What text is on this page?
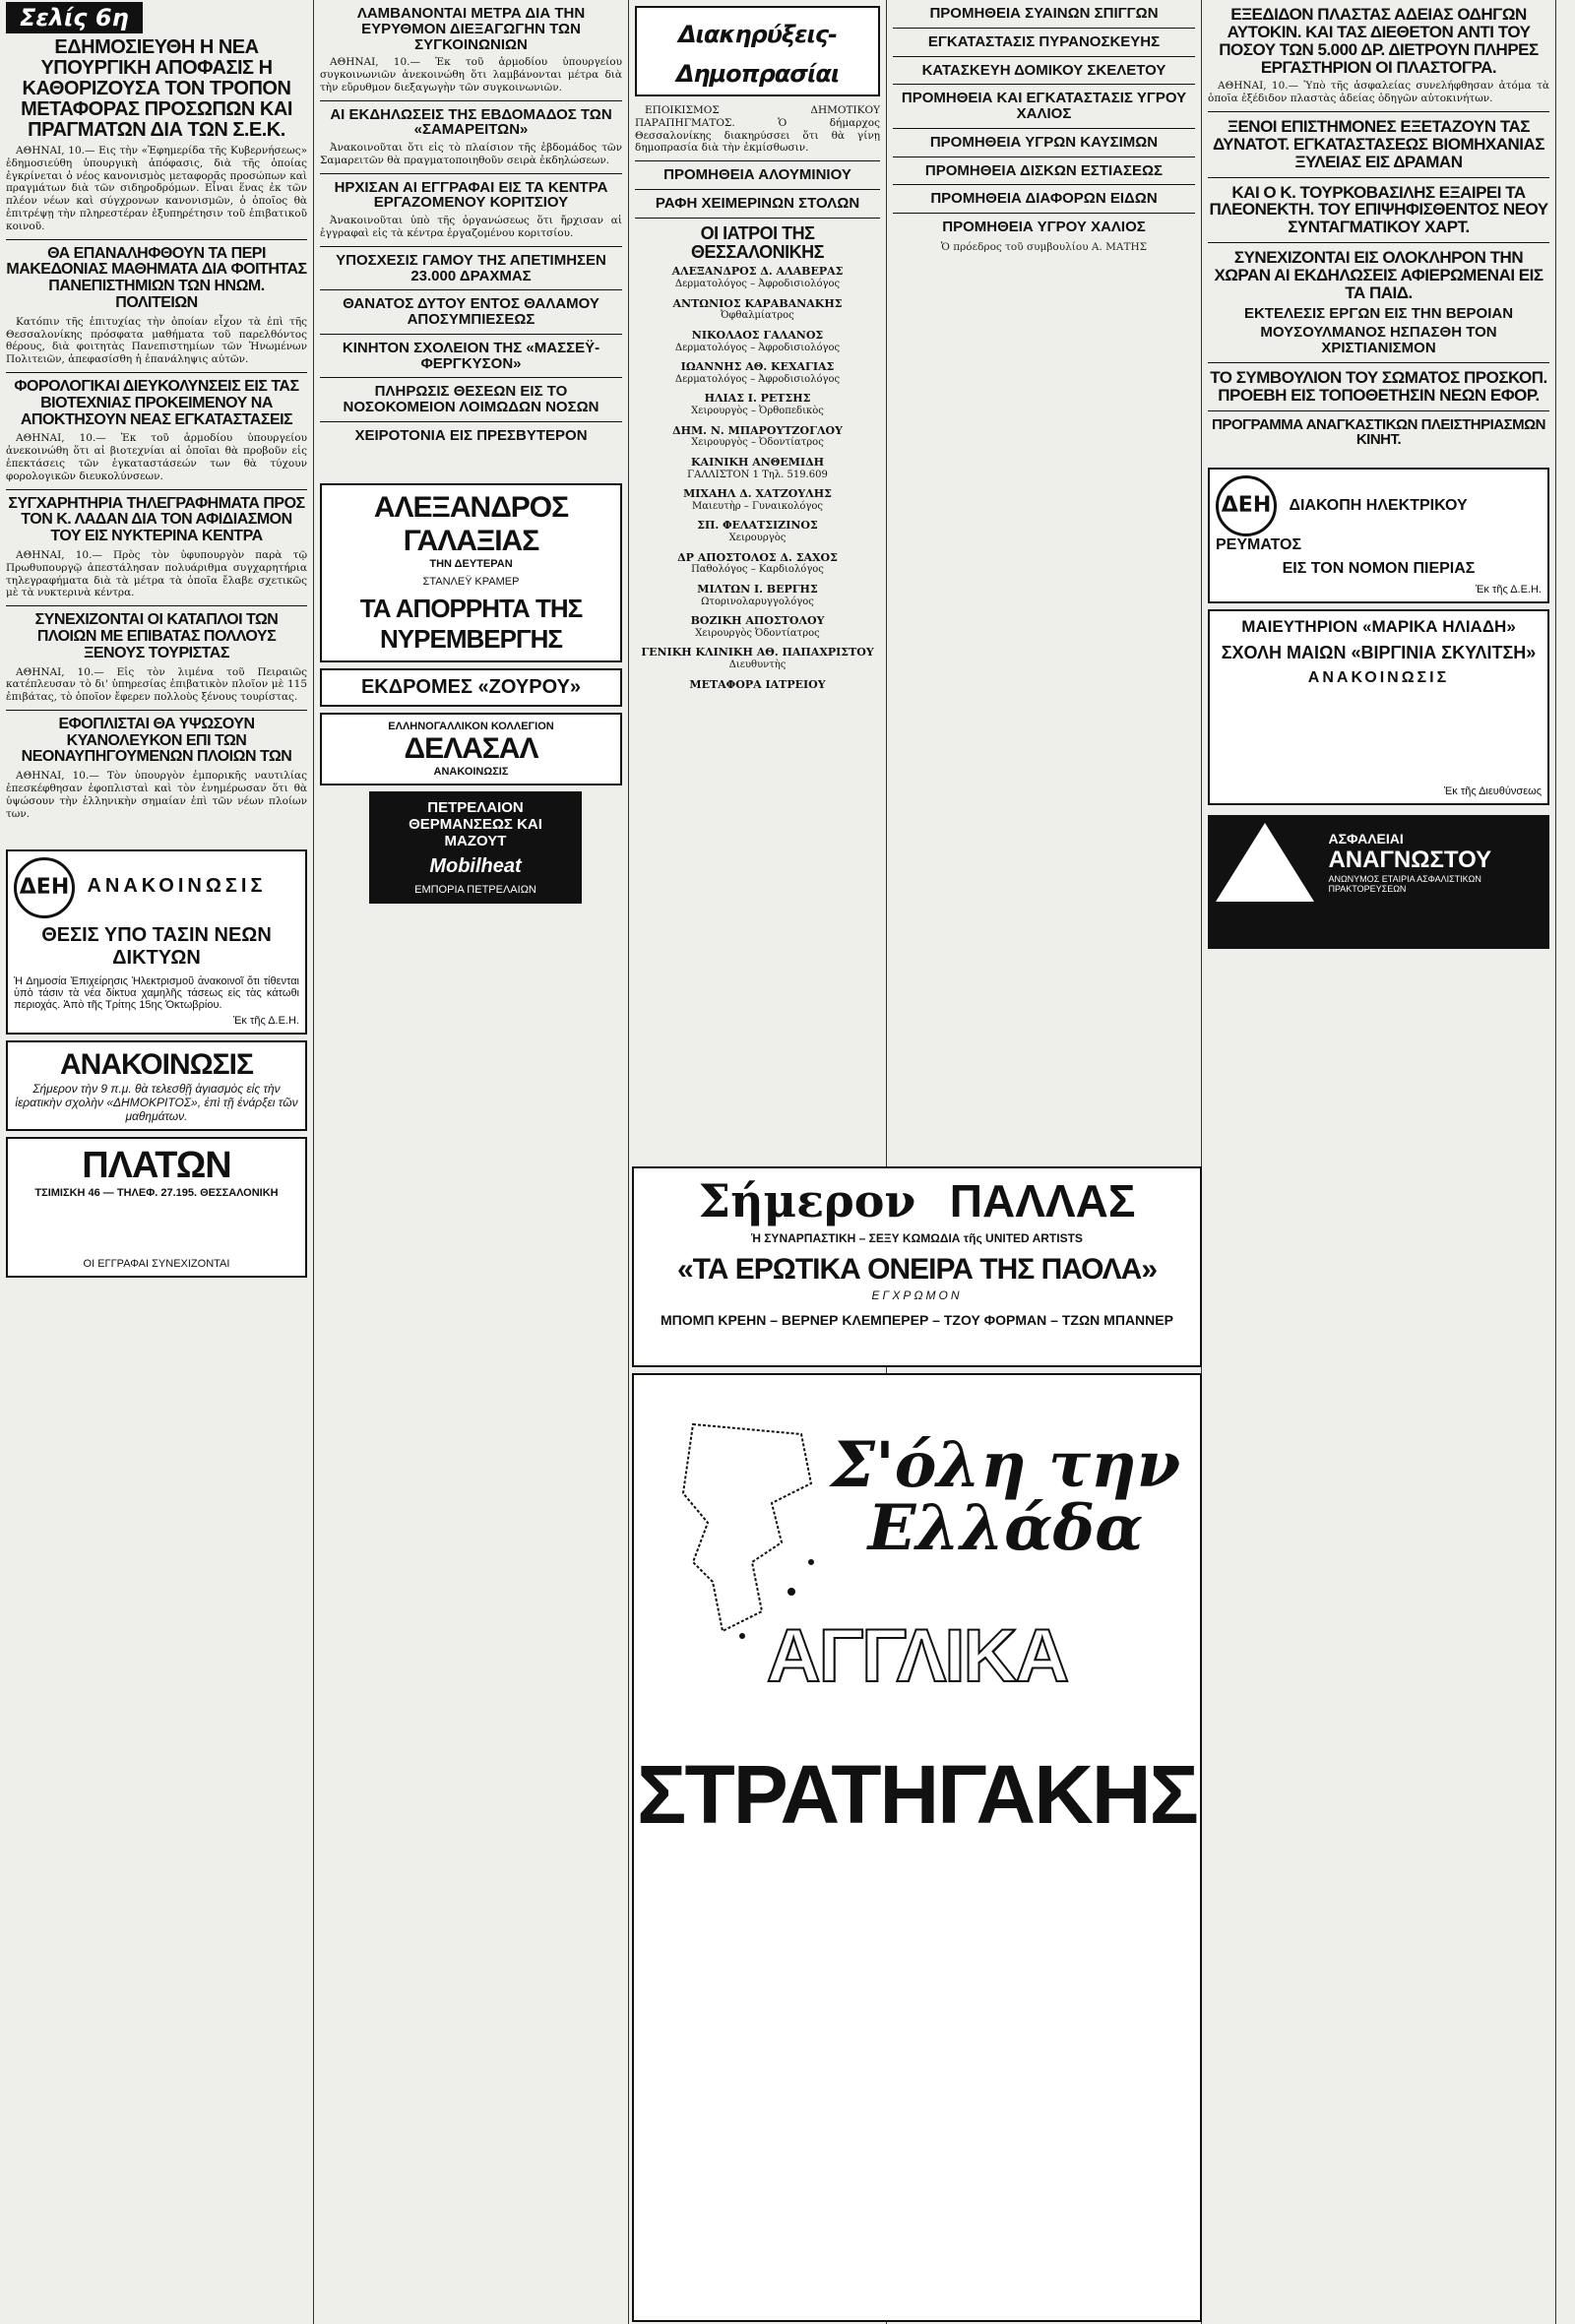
Σελίς 6η
ΕΔΗΜΟΣΙΕΥΘΗ Η ΝΕΑ ΥΠΟΥΡΓΙΚΗ ΑΠΟΦΑΣΙΣ Η ΚΑΘΟΡΙΖΟΥΣΑ ΤΟΝ ΤΡΟΠΟΝ ΜΕΤΑΦΟΡΑΣ ΠΡΟΣΩΠΩΝ ΚΑΙ ΠΡΑΓΜΑΤΩΝ ΔΙΑ ΤΩΝ Σ.Ε.Κ.

ΑΘΗΝΑΙ, 10.— Εις τὴν «Ἐφημερίδα τῆς Κυβερνήσεως» ἐδημοσιεύθη ὑπουργικὴ ἀπόφασις, διὰ τῆς ὁποίας ἐγκρίνεται ὁ νέος κανονισμὸς μεταφορᾶς προσώπων καὶ πραγμάτων διὰ τῶν σιδηροδρόμων. Εἶναι ἕνας ἐκ τῶν πλέον νέων καὶ σύγχρονων κανονισμῶν, ὁ ὁποῖος θὰ ἐπιτρέψῃ τὴν πληρεστέραν ἐξυπηρέτησιν τοῦ ἐπιβατικοῦ κοινοῦ.

ΘΑ ΕΠΑΝΑΛΗΦΘΟΥΝ ΤΑ ΠΕΡΙ ΜΑΚΕΔΟΝΙΑΣ ΜΑΘΗΜΑΤΑ ΔΙΑ ΦΟΙΤΗΤΑΣ ΠΑΝΕΠΙΣΤΗΜΙΩΝ ΤΩΝ ΗΝΩΜ. ΠΟΛΙΤΕΙΩΝ

Κατόπιν τῆς ἐπιτυχίας τὴν ὁποίαν εἶχον τὰ ἐπὶ τῆς Θεσσαλονίκης πρόσφατα μαθήματα τοῦ παρελθόντος θέρους, διὰ φοιτητὰς Πανεπιστημίων τῶν Ἡνωμένων Πολιτειῶν, ἀπεφασίσθη ἡ ἐπανάληψις αὐτῶν.

ΦΟΡΟΛΟΓΙΚΑΙ ΔΙΕΥΚΟΛΥΝΣΕΙΣ ΕΙΣ ΤΑΣ ΒΙΟΤΕΧΝΙΑΣ ΠΡΟΚΕΙΜΕΝΟΥ ΝΑ ΑΠΟΚΤΗΣΟΥΝ ΝΕΑΣ ΕΓΚΑΤΑΣΤΑΣΕΙΣ

ΑΘΗΝΑΙ, 10.— Ἐκ τοῦ ἁρμοδίου ὑπουργείου ἀνεκοινώθη ὅτι αἱ βιοτεχνίαι αἱ ὁποῖαι θὰ προβοῦν εἰς ἐπεκτάσεις τῶν ἐγκαταστάσεών των θὰ τύχουν φορολογικῶν διευκολύνσεων.

ΣΥΓΧΑΡΗΤΗΡΙΑ ΤΗΛΕΓΡΑΦΗΜΑΤΑ ΠΡΟΣ ΤΟΝ Κ. ΛΑΔΑΝ ΔΙΑ ΤΟΝ ΑΦΙΔΙΑΣΜΟΝ ΤΟΥ ΕΙΣ ΝΥΚΤΕΡΙΝΑ ΚΕΝΤΡΑ

ΑΘΗΝΑΙ, 10.— Πρὸς τὸν ὑφυπουργὸν παρὰ τῷ Πρωθυπουργῷ ἀπεστάλησαν πολυάριθμα συγχαρητήρια τηλεγραφήματα διὰ τὰ μέτρα τὰ ὁποῖα ἔλαβε σχετικῶς μὲ τὰ νυκτερινὰ κέντρα.

ΣΥΝΕΧΙΖΟΝΤΑΙ ΟΙ ΚΑΤΑΠΛΟΙ ΤΩΝ ΠΛΟΙΩΝ ΜΕ ΕΠΙΒΑΤΑΣ ΠΟΛΛΟΥΣ ΞΕΝΟΥΣ ΤΟΥΡΙΣΤΑΣ

ΑΘΗΝΑΙ, 10.— Εἰς τὸν λιμένα τοῦ Πειραιῶς κατέπλευσαν τὸ δι' ὑπηρεσίας ἐπιβατικὸν πλοῖον μὲ 115 ἐπιβάτας, τὸ ὁποῖον ἔφερεν πολλοὺς ξένους τουρίστας.

ΕΦΟΠΛΙΣΤΑΙ ΘΑ ΥΨΩΣΟΥΝ ΚΥΑΝΟΛΕΥΚΟΝ ΕΠΙ ΤΩΝ ΝΕΟΝΑΥΠΗΓΟΥΜΕΝΩΝ ΠΛΟΙΩΝ ΤΩΝ

ΑΘΗΝΑΙ, 10.— Τὸν ὑπουργὸν ἐμπορικῆς ναυτιλίας ἐπεσκέφθησαν ἐφοπλισταὶ καὶ τὸν ἐνημέρωσαν ὅτι θὰ ὑψώσουν τὴν ἑλληνικὴν σημαίαν ἐπὶ τῶν νέων πλοίων των.

ΔΕΗ ΑΝΑΚΟΙΝΩΣΙΣ
ΘΕΣΙΣ ΥΠΟ ΤΑΣΙΝ ΝΕΩΝ ΔΙΚΤΥΩΝ
Ἡ Δημοσία Ἐπιχείρησις Ἠλεκτρισμοῦ ἀνακοινοῖ ὅτι τίθενται ὑπὸ τάσιν τὰ νέα δίκτυα χαμηλῆς τάσεως εἰς τὰς κάτωθι περιοχάς. Ἀπὸ τῆς Τρίτης 15ης Ὀκτωβρίου.
Ἐκ τῆς Δ.Ε.Η.
ΑΝΑΚΟΙΝΩΣΙΣ
Σήμερον τὴν 9 π.μ. θὰ τελεσθῇ ἁγιασμὸς εἰς τὴν ἱερατικὴν σχολὴν «ΔΗΜΟΚΡΙΤΟΣ», ἐπὶ τῇ ἐνάρξει τῶν μαθημάτων.
ΠΛΑΤΩΝ
ΤΣΙΜΙΣΚΗ 46 — ΤΗΛΕΦ. 27.195. ΘΕΣΣΑΛΟΝΙΚΗ
ΟΙ ΕΓΓΡΑΦΑΙ ΣΥΝΕΧΙΖΟΝΤΑΙ
ΛΑΜΒΑΝΟΝΤΑΙ ΜΕΤΡΑ ΔΙΑ ΤΗΝ ΕΥΡΥΘΜΟΝ ΔΙΕΞΑΓΩΓΗΝ ΤΩΝ ΣΥΓΚΟΙΝΩΝΙΩΝ

ΑΘΗΝΑΙ, 10.— Ἐκ τοῦ ἁρμοδίου ὑπουργείου συγκοινωνιῶν ἀνεκοινώθη ὅτι λαμβάνονται μέτρα διὰ τὴν εὔρυθμον διεξαγωγὴν τῶν συγκοινωνιῶν.

ΑΙ ΕΚΔΗΛΩΣΕΙΣ ΤΗΣ ΕΒΔΟΜΑΔΟΣ ΤΩΝ «ΣΑΜΑΡΕΙΤΩΝ»

Ἀνακοινοῦται ὅτι εἰς τὸ πλαίσιον τῆς ἑβδομάδος τῶν Σαμαρειτῶν θὰ πραγματοποιηθοῦν σειρὰ ἐκδηλώσεων.

ΗΡΧΙΣΑΝ ΑΙ ΕΓΓΡΑΦΑΙ ΕΙΣ ΤΑ ΚΕΝΤΡΑ ΕΡΓΑΖΟΜΕΝΟΥ ΚΟΡΙΤΣΙΟΥ

Ἀνακοινοῦται ὑπὸ τῆς ὀργανώσεως ὅτι ἤρχισαν αἱ ἐγγραφαὶ εἰς τὰ κέντρα ἐργαζομένου κοριτσίου.

ΥΠΟΣΧΕΣΙΣ ΓΑΜΟΥ ΤΗΣ ΑΠΕΤΙΜΗΣΕΝ 23.000 ΔΡΑΧΜΑΣ
ΘΑΝΑΤΟΣ ΔΥΤΟΥ ΕΝΤΟΣ ΘΑΛΑΜΟΥ ΑΠΟΣΥΜΠΙΕΣΕΩΣ
ΚΙΝΗΤΟΝ ΣΧΟΛΕΙΟΝ ΤΗΣ «ΜΑΣΣΕΫ-ΦΕΡΓΚΥΣΟΝ»
ΠΛΗΡΩΣΙΣ ΘΕΣΕΩΝ ΕΙΣ ΤΟ ΝΟΣΟΚΟΜΕΙΟΝ ΛΟΙΜΩΔΩΝ ΝΟΣΩΝ
ΧΕΙΡΟΤΟΝΙΑ ΕΙΣ ΠΡΕΣΒΥΤΕΡΟΝ
ΑΛΕΞΑΝΔΡΟΣ ΓΑΛΑΞΙΑΣ
ΤΗΝ ΔΕΥΤΕΡΑΝ
ΣΤΑΝΛΕΫ ΚΡΑΜΕΡ
ΤΑ ΑΠΟΡΡΗΤΑ ΤΗΣ ΝΥΡΕΜΒΕΡΓΗΣ
ΕΚΔΡΟΜΕΣ «ΖΟΥΡΟΥ»
ΕΛΛΗΝΟΓΑΛΛΙΚΟΝ ΚΟΛΛΕΓΙΟΝ
ΔΕΛΑΣΑΛ
ΑΝΑΚΟΙΝΩΣΙΣ
ΠΕΤΡΕΛΑΙΟΝ ΘΕΡΜΑΝΣΕΩΣ ΚΑΙ ΜΑΖΟΥΤ
Mobilheat
ΕΜΠΟΡΙΑ ΠΕΤΡΕΛΑΙΩΝ
Διακηρύξεις-Δημοπρασίαι

ΕΠΟΙΚΙΣΜΟΣ ΔΗΜΟΤΙΚΟΥ ΠΑΡΑΠΗΓΜΑΤΟΣ. Ὁ δήμαρχος Θεσσαλονίκης διακηρύσσει ὅτι θὰ γίνῃ δημοπρασία διὰ τὴν ἐκμίσθωσιν.

ΠΡΟΜΗΘΕΙΑ ΑΛΟΥΜΙΝΙΟΥ
ΡΑΦΗ ΧΕΙΜΕΡΙΝΩΝ ΣΤΟΛΩΝ
ΟΙ ΙΑΤΡΟΙ ΤΗΣ ΘΕΣΣΑΛΟΝΙΚΗΣ
ΑΛΕΞΑΝΔΡΟΣ Δ. ΑΛΑΒΕΡΑΣ
Δερματολόγος – Ἀφροδισιολόγος
ΑΝΤΩΝΙΟΣ ΚΑΡΑΒΑΝΑΚΗΣ
Ὀφθαλμίατρος
ΝΙΚΟΛΑΟΣ ΓΑΛΑΝΟΣ
Δερματολόγος – Ἀφροδισιολόγος
ΙΩΑΝΝΗΣ ΑΘ. ΚΕΧΑΓΙΑΣ
Δερματολόγος – Ἀφροδισιολόγος
ΗΛΙΑΣ Ι. ΡΕΤΣΗΣ
Χειρουργὸς – Ὀρθοπεδικὸς
ΔΗΜ. Ν. ΜΠΑΡΟΥΤΖΟΓΛΟΥ
Χειρουργὸς – Ὀδοντίατρος
ΚΑΙΝΙΚΗ ΑΝΘΕΜΙΔΗ
ΓΑΛΛΙΣΤΟΝ 1 Τηλ. 519.609
ΜΙΧΑΗΛ Δ. ΧΑΤΖΟΥΛΗΣ
Μαιευτὴρ – Γυναικολόγος
ΣΠ. ΦΕΛΑΤΣΙΖΙΝΟΣ
Χειρουργὸς
ΔΡ ΑΠΟΣΤΟΛΟΣ Δ. ΣΑΧΟΣ
Παθολόγος – Καρδιολόγος
ΜΙΛΤΩΝ Ι. ΒΕΡΓΗΣ
Ωτορινολαρυγγολόγος
ΒΟΖΙΚΗ ΑΠΟΣΤΟΛΟΥ
Χειρουργὸς Ὀδοντίατρος
ΓΕΝΙΚΗ ΚΛΙΝΙΚΗ ΑΘ. ΠΑΠΑΧΡΙΣΤΟΥ
Διευθυντὴς
ΜΕΤΑΦΟΡΑ ΙΑΤΡΕΙΟΥ
ΠΡΟΜΗΘΕΙΑ ΣΥΑΙΝΩΝ ΣΠΙΓΓΩΝ
ΕΓΚΑΤΑΣΤΑΣΙΣ ΠΥΡΑΝΟΣΚΕΥΗΣ
ΚΑΤΑΣΚΕΥΗ ΔΟΜΙΚΟΥ ΣΚΕΛΕΤΟΥ
ΠΡΟΜΗΘΕΙΑ ΚΑΙ ΕΓΚΑΤΑΣΤΑΣΙΣ ΥΓΡΟΥ ΧΑΛΙΟΣ
ΠΡΟΜΗΘΕΙΑ ΥΓΡΩΝ ΚΑΥΣΙΜΩΝ
ΠΡΟΜΗΘΕΙΑ ΔΙΣΚΩΝ ΕΣΤΙΑΣΕΩΣ
ΠΡΟΜΗΘΕΙΑ ΔΙΑΦΟΡΩΝ ΕΙΔΩΝ
ΠΡΟΜΗΘΕΙΑ ΥΓΡΟΥ ΧΑΛΙΟΣ
Ὁ πρόεδρος τοῦ συμβουλίου Α. ΜΑΤΗΣ
Σήμερον ΠΑΛΛΑΣ
Ἡ ΣΥΝΑΡΠΑΣΤΙΚΗ – ΣΕΞΥ ΚΩΜΩΔΙΑ τῆς UNITED ARTISTS
«ΤΑ ΕΡΩΤΙΚΑ ΟΝΕΙΡΑ ΤΗΣ ΠΑΟΛΑ»
ΕΓΧΡΩΜΟΝ
ΜΠΟΜΠ ΚΡΕΗΝ – ΒΕΡΝΕΡ ΚΛΕΜΠΕΡΕΡ – ΤΖΟΥ ΦΟΡΜΑΝ – ΤΖΩΝ ΜΠΑΝΝΕΡ
Σ'όλη την Ελλάδα
ΑΓΓΛΙΚΑ
ΣΤΡΑΤΗΓΑΚΗΣ
ΕΞΕΔΙΔΟΝ ΠΛΑΣΤΑΣ ΑΔΕΙΑΣ ΟΔΗΓΩΝ ΑΥΤΟΚΙΝ. ΚΑΙ ΤΑΣ ΔΙΕΘΕΤΟΝ ΑΝΤΙ ΤΟΥ ΠΟΣΟΥ ΤΩΝ 5.000 ΔΡ. ΔΙΕΤΡΟΥΝ ΠΛΗΡΕΣ ΕΡΓΑΣΤΗΡΙΟΝ ΟΙ ΠΛΑΣΤΟΓΡΑ.

ΑΘΗΝΑΙ, 10.— Ὑπὸ τῆς ἀσφαλείας συνελήφθησαν ἀτόμα τὰ ὁποῖα ἐξέδιδον πλαστὰς ἀδείας ὁδηγῶν αὐτοκινήτων.

ΞΕΝΟΙ ΕΠΙΣΤΗΜΟΝΕΣ ΕΞΕΤΑΖΟΥΝ ΤΑΣ ΔΥΝΑΤΟΤ. ΕΓΚΑΤΑΣΤΑΣΕΩΣ ΒΙΟΜΗΧΑΝΙΑΣ ΞΥΛΕΙΑΣ ΕΙΣ ΔΡΑΜΑΝ
ΚΑΙ Ο Κ. ΤΟΥΡΚΟΒΑΣΙΛΗΣ ΕΞΑΙΡΕΙ ΤΑ ΠΛΕΟΝΕΚΤΗ. ΤΟΥ ΕΠΙΨΗΦΙΣΘΕΝΤΟΣ ΝΕΟΥ ΣΥΝΤΑΓΜΑΤΙΚΟΥ ΧΑΡΤ.
ΣΥΝΕΧΙΖΟΝΤΑΙ ΕΙΣ ΟΛΟΚΛΗΡΟΝ ΤΗΝ ΧΩΡΑΝ ΑΙ ΕΚΔΗΛΩΣΕΙΣ ΑΦΙΕΡΩΜΕΝΑΙ ΕΙΣ ΤΑ ΠΑΙΔ.
ΕΚΤΕΛΕΣΙΣ ΕΡΓΩΝ ΕΙΣ ΤΗΝ ΒΕΡΟΙΑΝ
ΜΟΥΣΟΥΛΜΑΝΟΣ ΗΣΠΑΣΘΗ ΤΟΝ ΧΡΙΣΤΙΑΝΙΣΜΟΝ
ΤΟ ΣΥΜΒΟΥΛΙΟΝ ΤΟΥ ΣΩΜΑΤΟΣ ΠΡΟΣΚΟΠ. ΠΡΟΕΒΗ ΕΙΣ ΤΟΠΟΘΕΤΗΣΙΝ ΝΕΩΝ ΕΦΟΡ.
ΠΡΟΓΡΑΜΜΑ ΑΝΑΓΚΑΣΤΙΚΩΝ ΠΛΕΙΣΤΗΡΙΑΣΜΩΝ ΚΙΝΗΤ.
ΔΕΗ ΔΙΑΚΟΠΗ ΗΛΕΚΤΡΙΚΟΥ ΡΕΥΜΑΤΟΣ
ΕΙΣ ΤΟΝ ΝΟΜΟΝ ΠΙΕΡΙΑΣ
Ἐκ τῆς Δ.Ε.Η.
ΜΑΙΕΥΤΗΡΙΟΝ «ΜΑΡΙΚΑ ΗΛΙΑΔΗ»
ΣΧΟΛΗ ΜΑΙΩΝ «ΒΙΡΓΙΝΙΑ ΣΚΥΛΙΤΣΗ»
ΑΝΑΚΟΙΝΩΣΙΣ
Ἐκ τῆς Διευθύνσεως

ΑΣΦΑΛΕΙΑΙ
ΑΝΑΓΝΩΣΤΟΥ
ΑΝΩΝΥΜΟΣ ΕΤΑΙΡΙΑ ΑΣΦΑΛΙΣΤΙΚΩΝ ΠΡΑΚΤΟΡΕΥΣΕΩΝ
